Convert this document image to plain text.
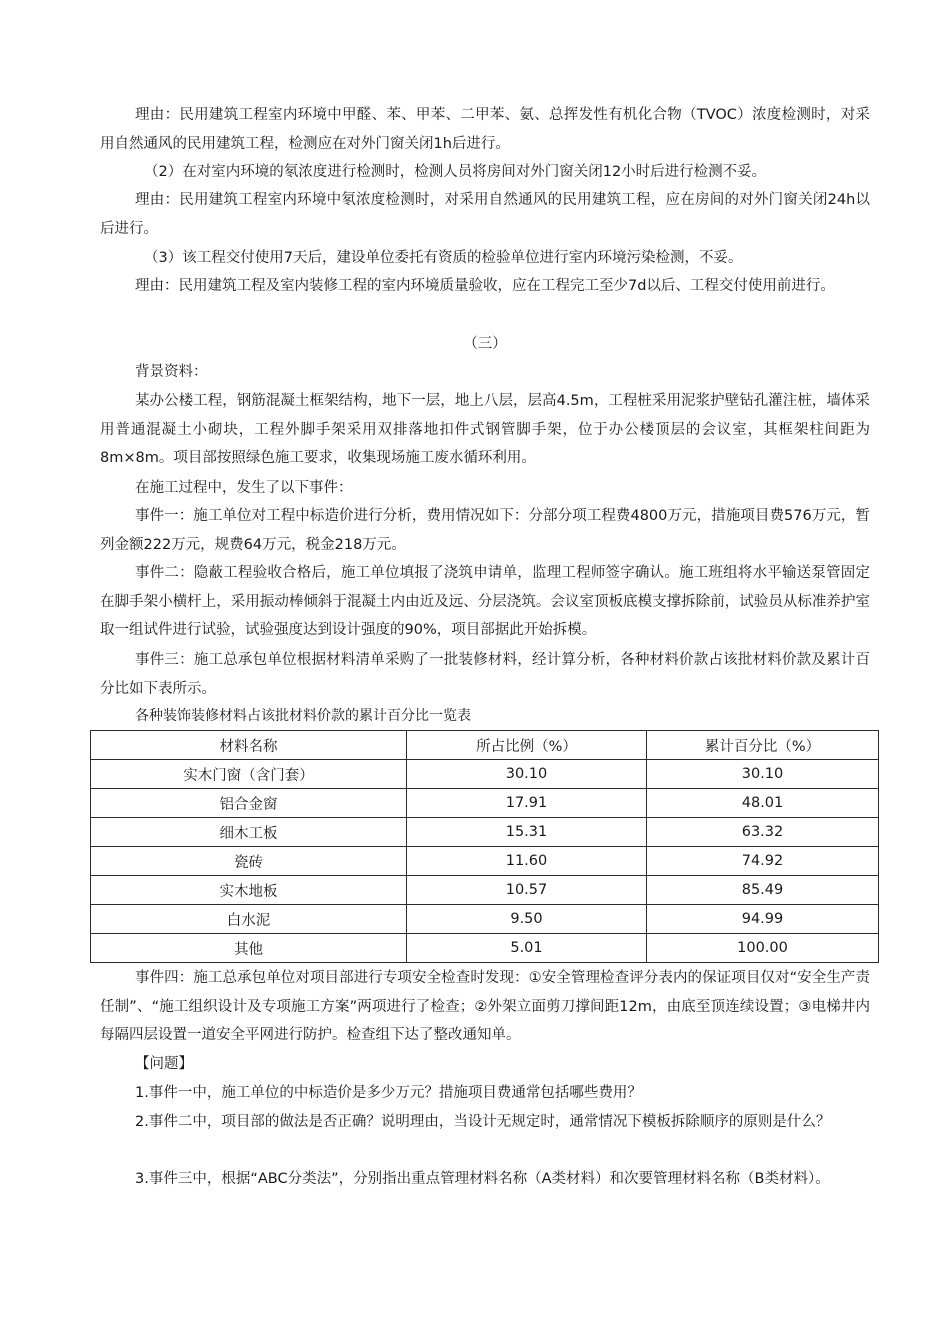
理由：民用建筑工程室内环境中甲醛、苯、甲苯、二甲苯、氨、总挥发性有机化合物（TVOC）浓度检测时，对采用自然通风的民用建筑工程，检测应在对外门窗关闭1h后进行。
（2）在对室内环境的氡浓度进行检测时，检测人员将房间对外门窗关闭12小时后进行检测不妥。
理由：民用建筑工程室内环境中氡浓度检测时，对采用自然通风的民用建筑工程，应在房间的对外门窗关闭24h以后进行。
（3）该工程交付使用7天后，建设单位委托有资质的检验单位进行室内环境污染检测，不妥。
理由：民用建筑工程及室内装修工程的室内环境质量验收，应在工程完工至少7d以后、工程交付使用前进行。
（三）
背景资料：
某办公楼工程，钢筋混凝土框架结构，地下一层，地上八层，层高4.5m，工程桩采用泥浆护壁钻孔灌注桩，墙体采用普通混凝土小砌块，工程外脚手架采用双排落地扣件式钢管脚手架，位于办公楼顶层的会议室，其框架柱间距为8m×8m。项目部按照绿色施工要求，收集现场施工废水循环利用。
在施工过程中，发生了以下事件：
事件一：施工单位对工程中标造价进行分析，费用情况如下：分部分项工程费4800万元，措施项目费576万元，暂列金额222万元，规费64万元，税金218万元。
事件二：隐蔽工程验收合格后，施工单位填报了浇筑申请单，监理工程师签字确认。施工班组将水平输送泵管固定在脚手架小横杆上，采用振动棒倾斜于混凝土内由近及远、分层浇筑。会议室顶板底模支撑拆除前，试验员从标准养护室取一组试件进行试验，试验强度达到设计强度的90%，项目部据此开始拆模。
事件三：施工总承包单位根据材料清单采购了一批装修材料，经计算分析，各种材料价款占该批材料价款及累计百分比如下表所示。
各种装饰装修材料占该批材料价款的累计百分比一览表
材料名称	所占比例（%）	累计百分比（%）
实木门窗（含门套）	30.10	30.10
铝合金窗	17.91	48.01
细木工板	15.31	63.32
瓷砖	11.60	74.92
实木地板	10.57	85.49
白水泥	9.50	94.99
其他	5.01	100.00
事件四：施工总承包单位对项目部进行专项安全检查时发现：①安全管理检查评分表内的保证项目仅对“安全生产责任制”、“施工组织设计及专项施工方案”两项进行了检查；②外架立面剪刀撑间距12m，由底至顶连续设置；③电梯井内每隔四层设置一道安全平网进行防护。检查组下达了整改通知单。
【问题】
1.事件一中，施工单位的中标造价是多少万元？措施项目费通常包括哪些费用？
2.事件二中，项目部的做法是否正确？说明理由，当设计无规定时，通常情况下模板拆除顺序的原则是什么？
3.事件三中，根据“ABC分类法”，分别指出重点管理材料名称（A类材料）和次要管理材料名称（B类材料）。
